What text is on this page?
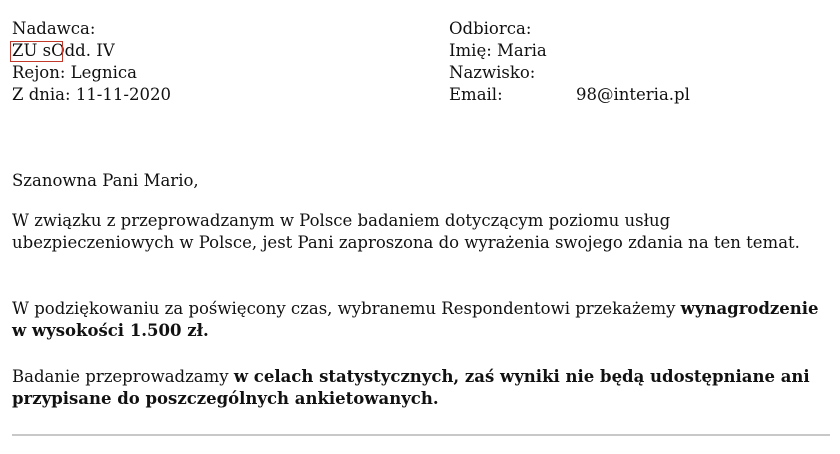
Nadawca:
ZU sOdd. IV
Rejon: Legnica
Z dnia: 11-11-2020
Odbiorca:
Imię: Maria
Nazwisko:
Email:	98@interia.pl
Szanowna Pani Mario,

W związku z przeprowadzanym w Polsce badaniem dotyczącym poziomu usług ubezpieczeniowych w Polsce, jest Pani zaproszona do wyrażenia swojego zdania na ten temat.

W podziękowaniu za poświęcony czas, wybranemu Respondentowi przekażemy wynagrodzenie w wysokości 1.500 zł.

Badanie przeprowadzamy w celach statystycznych, zaś wyniki nie będą udostępniane ani przypisane do poszczególnych ankietowanych.
